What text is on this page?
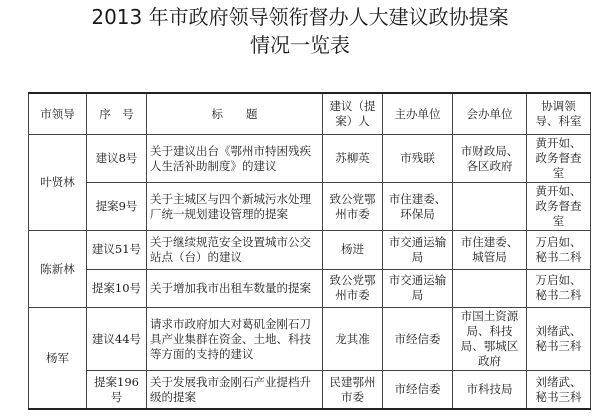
2013 年市政府领导领衔督办人大建议政协提案
情况一览表
市领导	序　号	标　　题	建议（提案）人	主办单位	会办单位	协调领导、科室
叶贤林	建议8号	关于建议出台《鄂州市特困残疾人生活补助制度》的建议	苏柳英	市残联	市财政局、各区政府	黄开如、政务督查室
	提案9号	关于主城区与四个新城污水处理厂统一规划建设管理的提案	致公党鄂州市委	市住建委、环保局		黄开如、政务督查室
陈新林	建议51号	关于继续规范安全设置城市公交站点（台）的建议	杨进	市交通运输局	市住建委、城管局	万启如、秘书二科
	提案10号	关于增加我市出租车数量的提案	致公党鄂州市委	市交通运输局		万启如、秘书二科
杨军	建议44号	请求市政府加大对葛矶金刚石刀具产业集群在资金、土地、科技等方面的支持的建议	龙其准	市经信委	市国土资源局、科技局、鄂城区政府	刘绪武、秘书三科
	提案196号	关于发展我市金刚石产业提档升级的提案	民建鄂州市委	市经信委	市科技局	刘绪武、秘书三科
